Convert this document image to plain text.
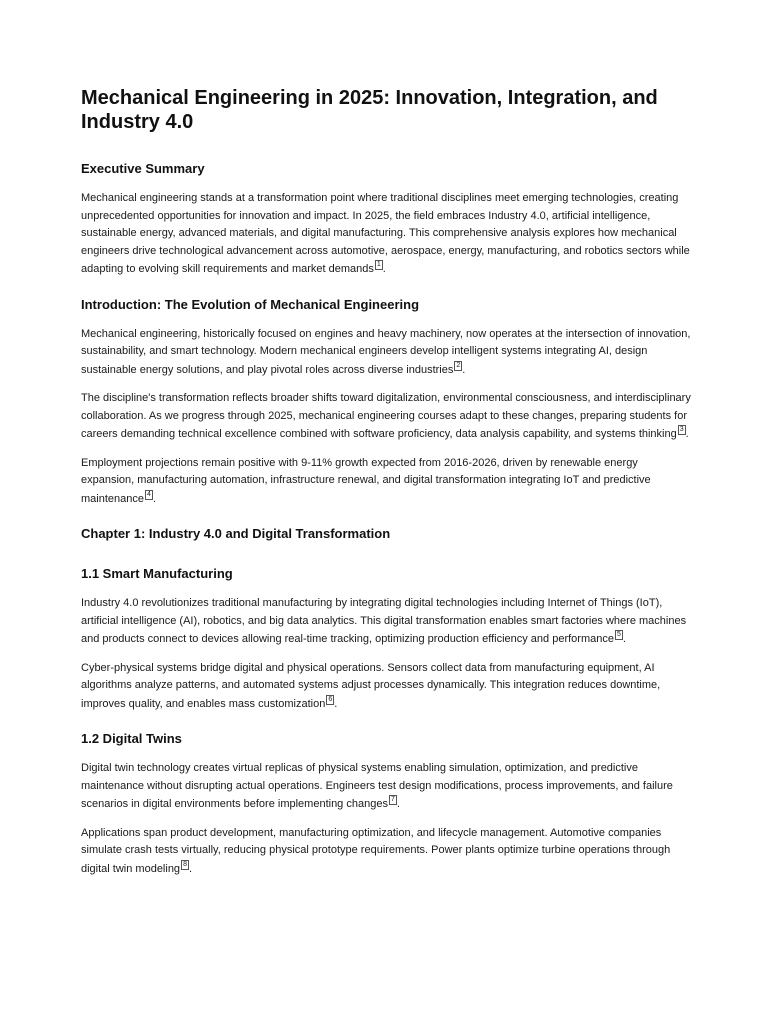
Mechanical Engineering in 2025: Innovation, Integration, and Industry 4.0
Executive Summary

Mechanical engineering stands at a transformation point where traditional disciplines meet emerging technologies, creating unprecedented opportunities for innovation and impact. In 2025, the field embraces Industry 4.0, artificial intelligence, sustainable energy, advanced materials, and digital manufacturing. This comprehensive analysis explores how mechanical engineers drive technological advancement across automotive, aerospace, energy, manufacturing, and robotics sectors while adapting to evolving skill requirements and market demands 1 .

Introduction: The Evolution of Mechanical Engineering

Mechanical engineering, historically focused on engines and heavy machinery, now operates at the intersection of innovation, sustainability, and smart technology. Modern mechanical engineers develop intelligent systems integrating AI, design sustainable energy solutions, and play pivotal roles across diverse industries 2 .

The discipline's transformation reflects broader shifts toward digitalization, environmental consciousness, and interdisciplinary collaboration. As we progress through 2025, mechanical engineering courses adapt to these changes, preparing students for careers demanding technical excellence combined with software proficiency, data analysis capability, and systems thinking 3 .

Employment projections remain positive with 9-11% growth expected from 2016-2026, driven by renewable energy expansion, manufacturing automation, infrastructure renewal, and digital transformation integrating IoT and predictive maintenance 4 .

Chapter 1: Industry 4.0 and Digital Transformation
1.1 Smart Manufacturing

Industry 4.0 revolutionizes traditional manufacturing by integrating digital technologies including Internet of Things (IoT), artificial intelligence (AI), robotics, and big data analytics. This digital transformation enables smart factories where machines and products connect to devices allowing real-time tracking, optimizing production efficiency and performance 5 .

Cyber-physical systems bridge digital and physical operations. Sensors collect data from manufacturing equipment, AI algorithms analyze patterns, and automated systems adjust processes dynamically. This integration reduces downtime, improves quality, and enables mass customization 6 .

1.2 Digital Twins

Digital twin technology creates virtual replicas of physical systems enabling simulation, optimization, and predictive maintenance without disrupting actual operations. Engineers test design modifications, process improvements, and failure scenarios in digital environments before implementing changes 7 .

Applications span product development, manufacturing optimization, and lifecycle management. Automotive companies simulate crash tests virtually, reducing physical prototype requirements. Power plants optimize turbine operations through digital twin modeling 8 .
